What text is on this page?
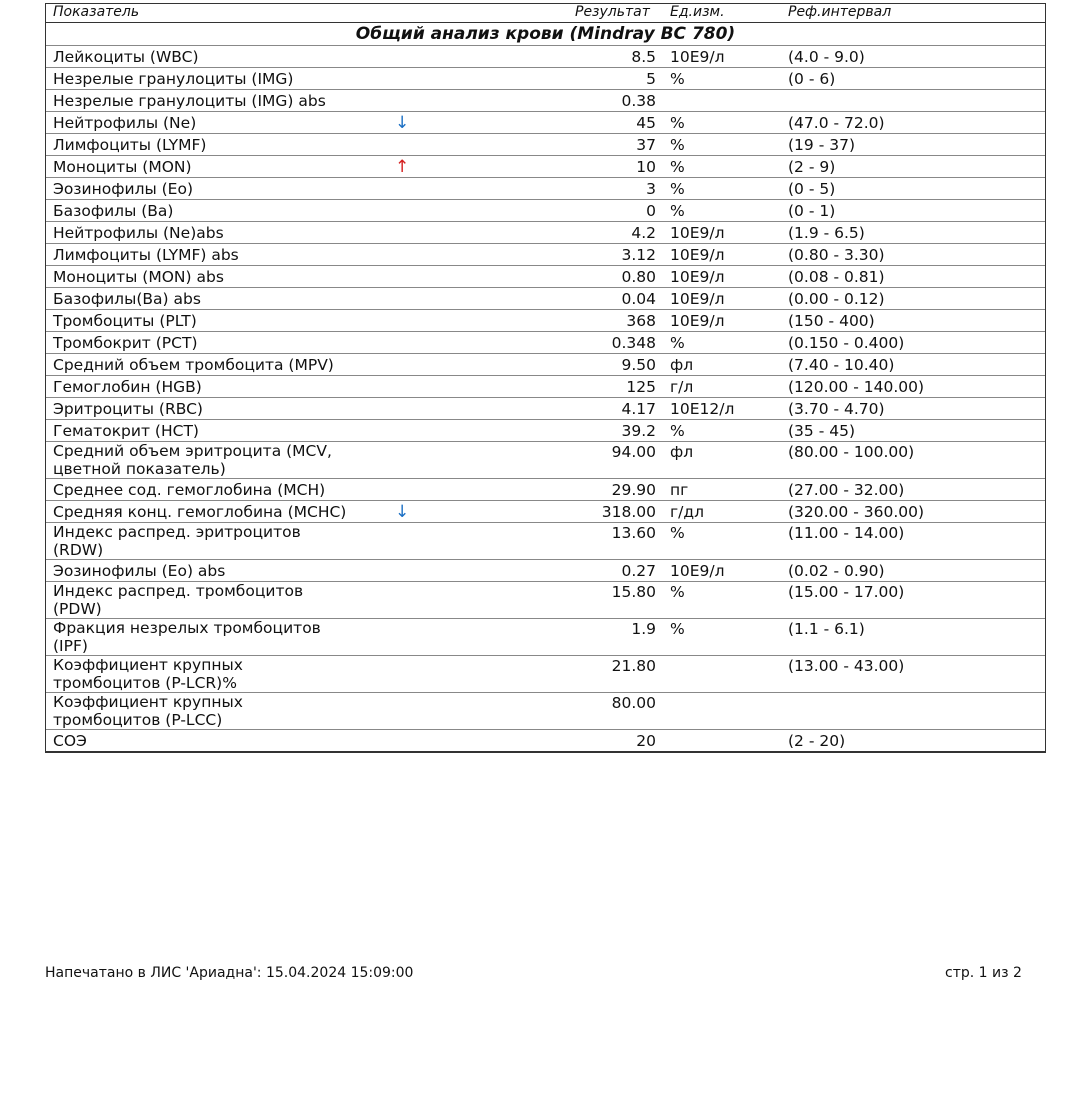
Показатель	Результат Ед.изм.	Реф.интервал
Общий анализ крови (Mindray BC 780)
Лейкоциты (WBC)	8.5 10E9/л	(4.0 - 9.0)
Незрелые гранулоциты (IMG)	5 %	(0 - 6)
Незрелые гранулоциты (IMG) abs	0.38
Нейтрофилы (Ne)	↓	45 %	(47.0 - 72.0)
Лимфоциты (LYMF)	37 %	(19 - 37)
Моноциты (MON)	↑	10 %	(2 - 9)
Эозинофилы (Eo)	3 %	(0 - 5)
Базофилы (Ba)	0 %	(0 - 1)
Нейтрофилы (Ne)abs	4.2 10E9/л	(1.9 - 6.5)
Лимфоциты (LYMF) abs	3.12 10E9/л	(0.80 - 3.30)
Моноциты (MON) abs	0.80 10E9/л	(0.08 - 0.81)
Базофилы(Ba) abs	0.04 10E9/л	(0.00 - 0.12)
Тромбоциты (PLT)	368 10E9/л	(150 - 400)
Тромбокрит (PCT)	0.348 %	(0.150 - 0.400)
Средний объем тромбоцита (MPV)	9.50 фл	(7.40 - 10.40)
Гемоглобин (HGB)	125 г/л	(120.00 - 140.00)
Эритроциты (RBC)	4.17 10E12/л	(3.70 - 4.70)
Гематокрит (HCT)	39.2 %	(35 - 45)
Средний объем эритроцита (MCV, цветной показатель)
94.00 фл	(80.00 - 100.00)
Среднее сод. гемоглобина (MCH)	29.90 пг	(27.00 - 32.00)
Средняя конц. гемоглобина (MCHC)	↓	318.00 г/дл	(320.00 - 360.00)
Индекс распред. эритроцитов (RDW)
13.60 %	(11.00 - 14.00)
Эозинофилы (Eo) abs	0.27 10E9/л	(0.02 - 0.90)
Индекс распред. тромбоцитов (PDW)
15.80 %	(15.00 - 17.00)
Фракция незрелых тромбоцитов (IPF)
1.9 %	(1.1 - 6.1)
Коэффициент крупных тромбоцитов (P-LCR)%
21.80	(13.00 - 43.00)
Коэффициент крупных тромбоцитов (P-LCC)
80.00
СОЭ	20	(2 - 20)
Напечатано в ЛИС 'Ариадна': 15.04.2024 15:09:00	стр. 1 из 2
